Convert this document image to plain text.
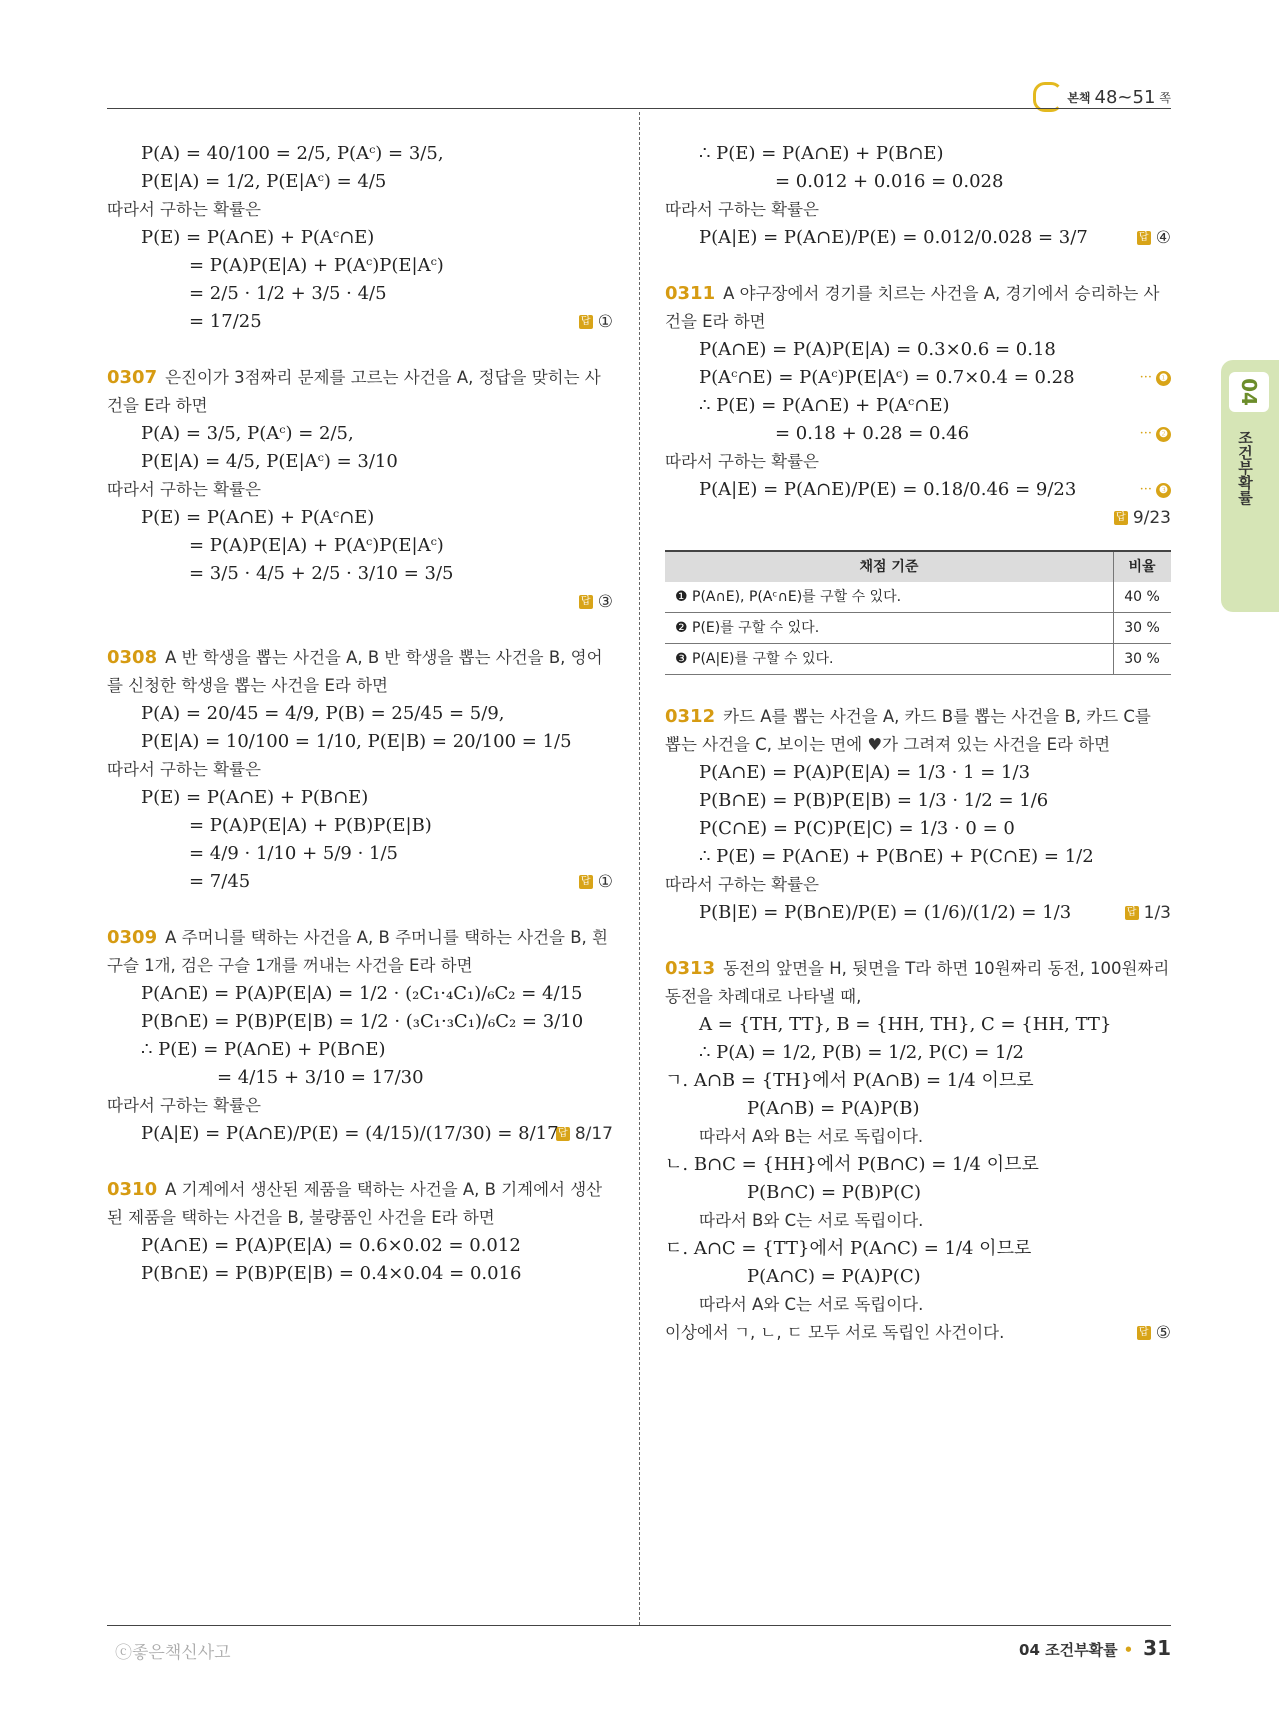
본책 48~51 쪽
P(A) = 40/100 = 2/5, P(Aᶜ) = 3/5,
P(E|A) = 1/2, P(E|Aᶜ) = 4/5
따라서 구하는 확률은
P(E) = P(A∩E) + P(Aᶜ∩E)
= P(A)P(E|A) + P(Aᶜ)P(E|Aᶜ)
= 2/5 · 1/2 + 3/5 · 4/5
답 ①
= 17/25
0307 은진이가 3점짜리 문제를 고르는 사건을 A, 정답을 맞히는 사건을 E라 하면
P(A) = 3/5, P(Aᶜ) = 2/5,
P(E|A) = 4/5, P(E|Aᶜ) = 3/10
따라서 구하는 확률은
P(E) = P(A∩E) + P(Aᶜ∩E)
= P(A)P(E|A) + P(Aᶜ)P(E|Aᶜ)
= 3/5 · 4/5 + 2/5 · 3/10 = 3/5
답 ③
0308 A 반 학생을 뽑는 사건을 A, B 반 학생을 뽑는 사건을 B, 영어를 신청한 학생을 뽑는 사건을 E라 하면
P(A) = 20/45 = 4/9, P(B) = 25/45 = 5/9,
P(E|A) = 10/100 = 1/10, P(E|B) = 20/100 = 1/5
따라서 구하는 확률은
P(E) = P(A∩E) + P(B∩E)
= P(A)P(E|A) + P(B)P(E|B)
= 4/9 · 1/10 + 5/9 · 1/5
답 ①
= 7/45
0309 A 주머니를 택하는 사건을 A, B 주머니를 택하는 사건을 B, 흰 구슬 1개, 검은 구슬 1개를 꺼내는 사건을 E라 하면
P(A∩E) = P(A)P(E|A) = 1/2 · (₂C₁·₄C₁)/₆C₂ = 4/15
P(B∩E) = P(B)P(E|B) = 1/2 · (₃C₁·₃C₁)/₆C₂ = 3/10
∴ P(E) = P(A∩E) + P(B∩E)
= 4/15 + 3/10 = 17/30
따라서 구하는 확률은
답 8/17
P(A|E) = P(A∩E)/P(E) = (4/15)/(17/30) = 8/17
0310 A 기계에서 생산된 제품을 택하는 사건을 A, B 기계에서 생산된 제품을 택하는 사건을 B, 불량품인 사건을 E라 하면
P(A∩E) = P(A)P(E|A) = 0.6×0.02 = 0.012
P(B∩E) = P(B)P(E|B) = 0.4×0.04 = 0.016
∴ P(E) = P(A∩E) + P(B∩E)
= 0.012 + 0.016 = 0.028
따라서 구하는 확률은
답 ④
P(A|E) = P(A∩E)/P(E) = 0.012/0.028 = 3/7
0311 A 야구장에서 경기를 치르는 사건을 A, 경기에서 승리하는 사건을 E라 하면
P(A∩E) = P(A)P(E|A) = 0.3×0.6 = 0.18
··· ❶
P(Aᶜ∩E) = P(Aᶜ)P(E|Aᶜ) = 0.7×0.4 = 0.28
∴ P(E) = P(A∩E) + P(Aᶜ∩E)
··· ❷
= 0.18 + 0.28 = 0.46
따라서 구하는 확률은
··· ❸
P(A|E) = P(A∩E)/P(E) = 0.18/0.46 = 9/23
답 9/23
채점 기준	비율
❶ P(A∩E), P(Aᶜ∩E)를 구할 수 있다.	40 %
❷ P(E)를 구할 수 있다.	30 %
❸ P(A|E)를 구할 수 있다.	30 %
0312 카드 A를 뽑는 사건을 A, 카드 B를 뽑는 사건을 B, 카드 C를 뽑는 사건을 C, 보이는 면에 ♥가 그려져 있는 사건을 E라 하면
P(A∩E) = P(A)P(E|A) = 1/3 · 1 = 1/3
P(B∩E) = P(B)P(E|B) = 1/3 · 1/2 = 1/6
P(C∩E) = P(C)P(E|C) = 1/3 · 0 = 0
∴ P(E) = P(A∩E) + P(B∩E) + P(C∩E) = 1/2
따라서 구하는 확률은
답 1/3
P(B|E) = P(B∩E)/P(E) = (1/6)/(1/2) = 1/3
0313 동전의 앞면을 H, 뒷면을 T라 하면 10원짜리 동전, 100원짜리 동전을 차례대로 나타낼 때,
A = {TH, TT}, B = {HH, TH}, C = {HH, TT}
∴ P(A) = 1/2, P(B) = 1/2, P(C) = 1/2
ㄱ. A∩B = {TH}에서 P(A∩B) = 1/4 이므로
P(A∩B) = P(A)P(B)
따라서 A와 B는 서로 독립이다.
ㄴ. B∩C = {HH}에서 P(B∩C) = 1/4 이므로
P(B∩C) = P(B)P(C)
따라서 B와 C는 서로 독립이다.
ㄷ. A∩C = {TT}에서 P(A∩C) = 1/4 이므로
P(A∩C) = P(A)P(C)
따라서 A와 C는 서로 독립이다.
답 ⑤
이상에서 ㄱ, ㄴ, ㄷ 모두 서로 독립인 사건이다.
04
조건부확률
ⓒ좋은책신사고	04 조건부확률 • 31
